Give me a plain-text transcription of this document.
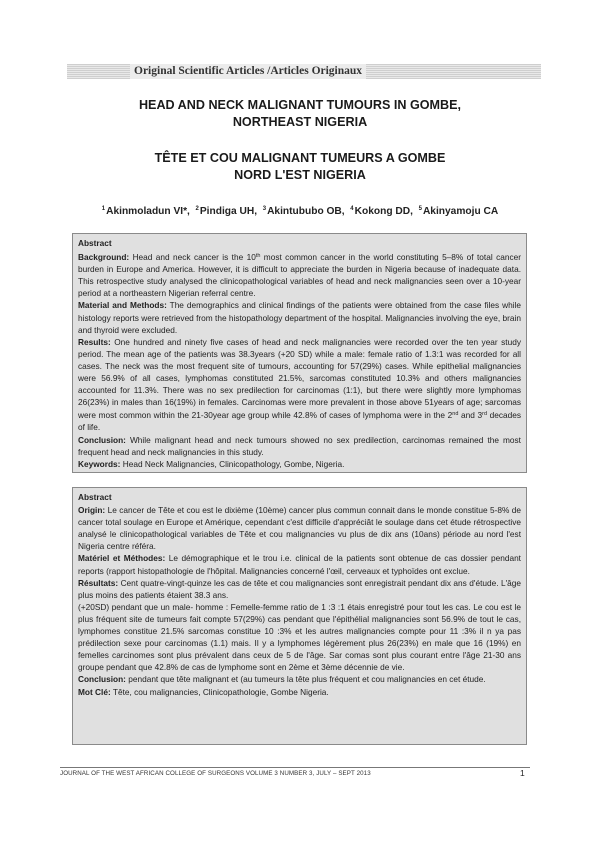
Original Scientific Articles /Articles Originaux
HEAD AND NECK MALIGNANT TUMOURS IN GOMBE,
NORTHEAST NIGERIA
TÊTE ET COU MALIGNANT TUMEURS A GOMBE
NORD L'EST NIGERIA
$^1$Akinmoladun VI*, $^2$Pindiga UH, $^3$Akintububo OB, $^4$Kokong DD, $^5$Akinyamoju CA

Abstract

Background: Head and neck cancer is the 10th most common cancer in the world constituting 5–8% of total cancer burden in Europe and America. However, it is difficult to appreciate the burden in Nigeria because of inadequate data. This retrospective study analysed the clinicopathological variables of head and neck malignancies seen over a 10-year period at a northeastern Nigerian referral centre.

Material and Methods: The demographics and clinical findings of the patients were obtained from the case files while histology reports were retrieved from the histopathology department of the hospital. Malignancies involving the eye, brain and thyroid were excluded.

Results: One hundred and ninety five cases of head and neck malignancies were recorded over the ten year study period. The mean age of the patients was 38.3years (+20 SD) while a male: female ratio of 1.3:1 was recorded for all cases. The neck was the most frequent site of tumours, accounting for 57(29%) cases. While epithelial malignancies were 56.9% of all cases, lymphomas constituted 21.5%, sarcomas constituted 10.3% and others malignancies accounted for 11.3%. There was no sex predilection for carcinomas (1:1), but there were slightly more lymphomas 26(23%) in males than 16(19%) in females. Carcinomas were more prevalent in those above 51years of age; sarcomas were most common within the 21-30year age group while 42.8% of cases of lymphoma were in the 2nd and 3rd decades of life.

Conclusion: While malignant head and neck tumours showed no sex predilection, carcinomas remained the most frequent head and neck malignancies in this study.

Keywords: Head Neck Malignancies, Clinicopathology, Gombe, Nigeria.

Abstract

Origin: Le cancer de Tête et cou est le dixième (10ème) cancer plus commun connait dans le monde constitue 5-8% de cancer total soulage en Europe et Amérique, cependant c'est difficile d'appréciât le soulage dans cet étude rétrospective analysé le clinicopathological variables de Tête et cou malignancies vu plus de dix ans (10ans) période au nord l'est Nigeria centre référa.

Matériel et Méthodes: Le démographique et le trou i.e. clinical de la patients sont obtenue de cas dossier pendant reports (rapport histopathologie de l'hôpital. Malignancies concerné l'œil, cerveaux et typhoïdes ont exclue.

Résultats: Cent quatre-vingt-quinze les cas de tête et cou malignancies sont enregistrait pendant dix ans d'étude. L'âge plus moins des patients étaient 38.3 ans.

(+20SD) pendant que un male- homme : Femelle-femme ratio de 1 :3 :1 étais enregistré pour tout les cas. Le cou est le plus fréquent site de tumeurs fait compte 57(29%) cas pendant que l'épithélial malignancies sont 56.9% de tout le cas, lymphomes constitue 21.5% sarcomas constitue 10 :3% et les autres malignancies compte pour 11 :3% il n ya pas prédilection sexe pour carcinomas (1.1) mais. Il y a lymphomes légèrement plus 26(23%) en male que 16 (19%) en femelles carcinomes sont plus prévalent dans ceux de 5 de l'âge. Sar comas sont plus courant entre l'âge 21-30 ans groupe pendant que 42.8% de cas de lymphome sont en 2ème et 3ème décennie de vie.

Conclusion: pendant que tête malignant et (au tumeurs la tête plus fréquent et cou malignancies en cet étude.

Mot Clé: Tête, cou malignancies, Clinicopathologie, Gombe Nigeria.

JOURNAL OF THE WEST AFRICAN COLLEGE OF SURGEONS VOLUME 3 NUMBER 3, JULY – SEPT 2013	1
